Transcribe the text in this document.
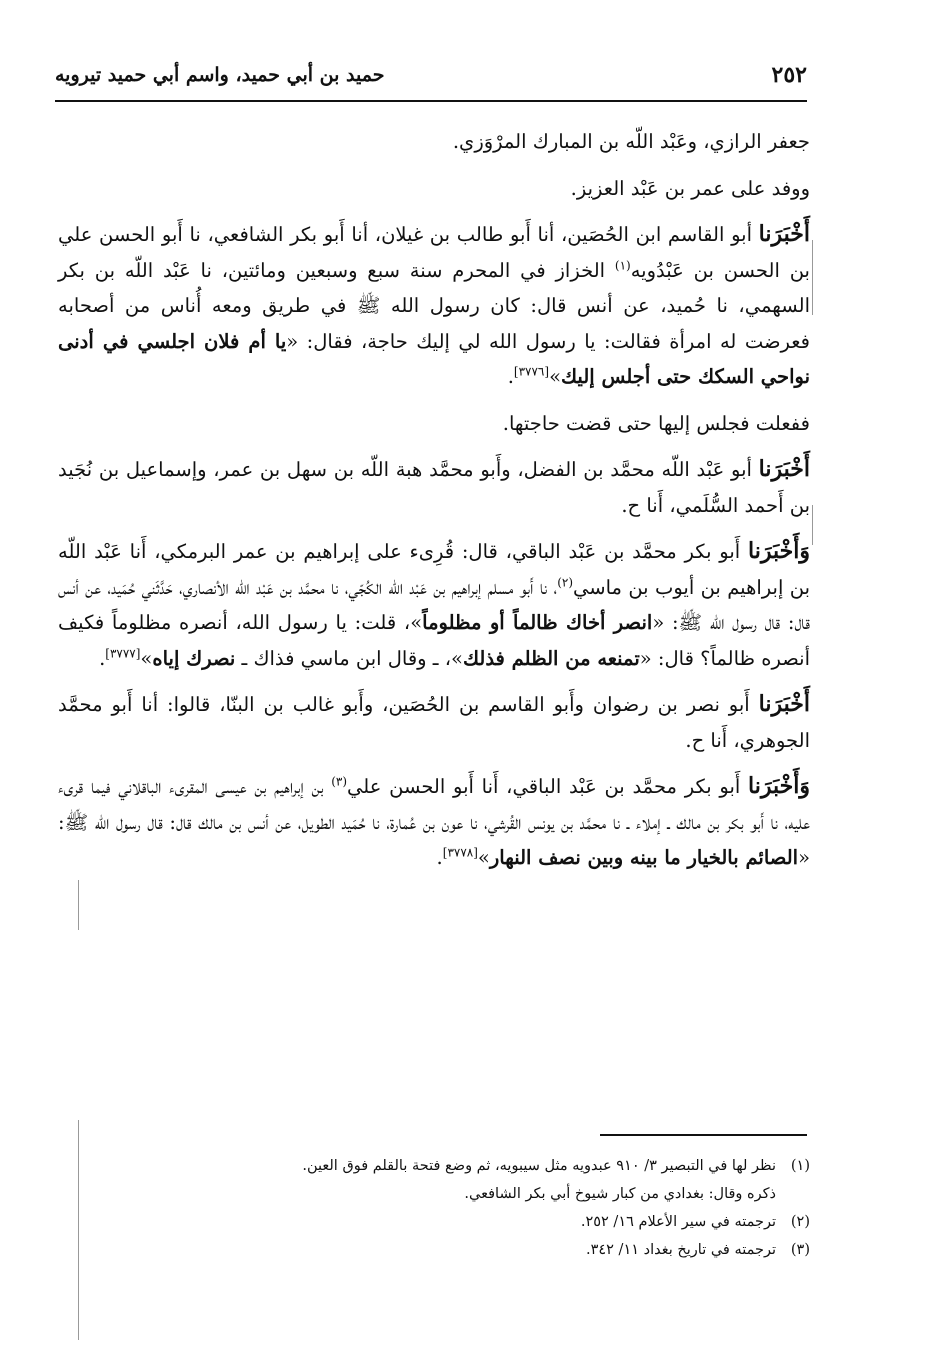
٢٥٢
حميد بن أبي حميد، واسم أبي حميد تيرويه

جعفر الرازي، وعَبْد اللّه بن المبارك المرْوَزي.

ووفد على عمر بن عَبْد العزيز.

أَخْبَرَنا أبو القاسم ابن الحُصَين، أنا أَبو طالب بن غيلان، أنا أَبو بكر الشافعي، نا أَبو الحسن علي بن الحسن بن عَبْدُويه$^{(١)}$ الخزاز في المحرم سنة سبع وسبعين ومائتين، نا عَبْد اللّه بن بكر السهمي، نا حُميد، عن أنس قال: كان رسول الله ﷺ في طريق ومعه أُناس من أصحابه فعرضت له امرأة فقالت: يا رسول الله لي إليك حاجة، فقال: «يا أم فلان اجلسي في أدنى نواحي السكك حتى أجلس إليك»[٣٧٧٦].

ففعلت فجلس إليها حتى قضت حاجتها.

أَخْبَرَنا أبو عَبْد اللّه محمَّد بن الفضل، وأَبو محمَّد هبة اللّه بن سهل بن عمر، وإسماعيل بن نُجَيد بن أَحمد السُّلَمي، أَنا ح.

وَأَخْبَرَنا أَبو بكر محمَّد بن عَبْد الباقي، قال: قُرِىء على إبراهيم بن عمر البرمكي، أَنا عَبْد اللّه بن إبراهيم بن أيوب بن ماسي$^{(٢)}$، نا أَبو مسلم إبراهيم بن عَبْد اللّه الكُجّي، نا محمَّد بن عَبْد اللّه الأنصاري، حَدَّثَني حُمَيد، عن أنس قال: قال رسول الله ﷺ: «انصر أخاك ظالماً أو مظلوماً»، قلت: يا رسول الله، أنصره مظلوماً فكيف أنصره ظالماً؟ قال: «تمنعه من الظلم فذلك»، ـ وقال ابن ماسي فذاك ـ نصرك إياه»[٣٧٧٧].

أَخْبَرَنا أَبو نصر بن رضوان وأَبو القاسم بن الحُصَين، وأَبو غالب بن البنّا، قالوا: أنا أَبو محمَّد الجوهري، أَنا ح.

وَأَخْبَرَنا أَبو بكر محمَّد بن عَبْد الباقي، أَنا أَبو الحسن علي$^{(٣)}$ بن إبراهيم بن عيسى المقرىء الباقلاني فيما قرىء عليه، نا أَبو بكر بن مالك ـ إملاء ـ نا محمَّد بن يونس القُرشي، نا عون بن عُمارة، نا حُمَيد الطويل، عن أنس بن مالك قال: قال رسول الله ﷺ: «الصائم بالخيار ما بينه وبين نصف النهار»[٣٧٧٨].

(١)
نظر لها في التبصير ٣/ ٩١٠ عبدويه مثل سيبويه، ثم وضع فتحة بالقلم فوق العين.
ذكره وقال: بغدادي من كبار شيوخ أبي بكر الشافعي.
(٢)
ترجمته في سير الأعلام ١٦/ ٢٥٢.
(٣)
ترجمته في تاريخ بغداد ١١/ ٣٤٢.
